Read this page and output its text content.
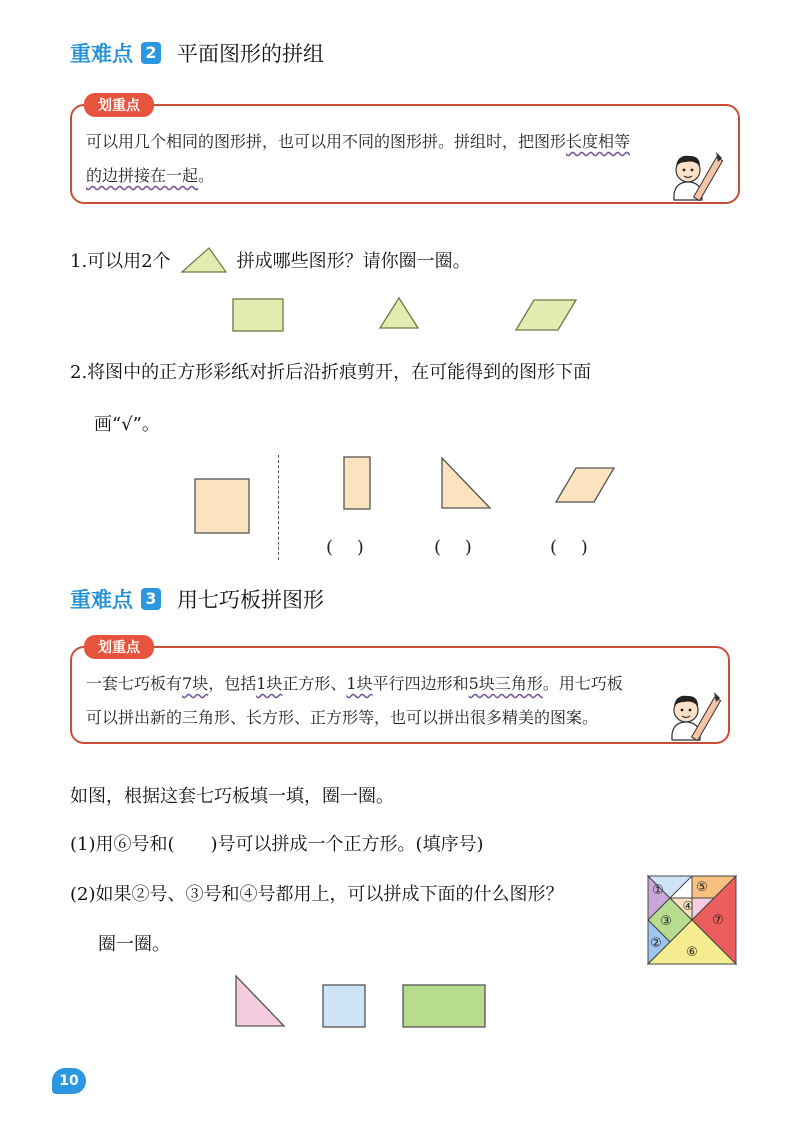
重难点 2 平面图形的拼组
划重点
可以用几个相同的图形拼，也可以用不同的图形拼。拼组时，把图形长度相等
的边拼接在一起。
1.可以用2个	拼成哪些图形？请你圈一圈。
2.将图中的正方形彩纸对折后沿折痕剪开，在可能得到的图形下面
画“√”。
(　 )	(　 )	(　 )
重难点 3 用七巧板拼图形
划重点
一套七巧板有7块，包括1块正方形、1块平行四边形和5块三角形。用七巧板
可以拼出新的三角形、长方形、正方形等，也可以拼出很多精美的图案。
如图，根据这套七巧板填一填，圈一圈。
(1)用⑥号和(　　)号可以拼成一个正方形。(填序号)
(2)如果②号、③号和④号都用上，可以拼成下面的什么图形？
圈一圈。
① ⑤
③
④
⑦
②
⑥
10
